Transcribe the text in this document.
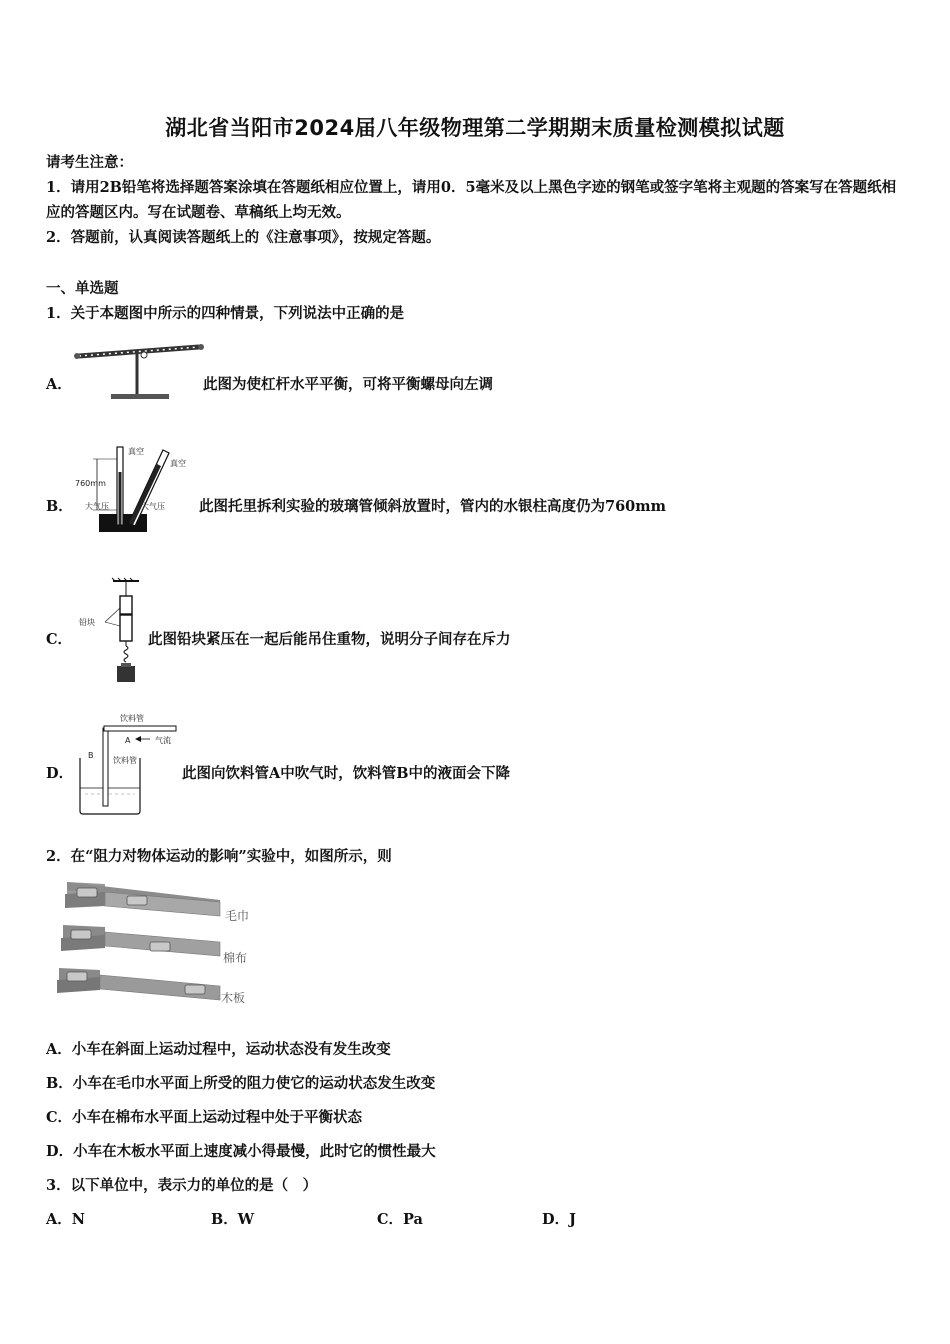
湖北省当阳市2024届八年级物理第二学期期末质量检测模拟试题
请考生注意：
1．请用2B铅笔将选择题答案涂填在答题纸相应位置上，请用0．5毫米及以上黑色字迹的钢笔或签字笔将主观题的答案写在答题纸相应的答题区内。写在试题卷、草稿纸上均无效。
2．答题前，认真阅读答题纸上的《注意事项》，按规定答题。
一、单选题
1．关于本题图中所示的四种情景，下列说法中正确的是
A．	此图为使杠杆水平平衡，可将平衡螺母向左调
B．
真空
真空
760mm
大气压	大气压 此图托里拆利实验的玻璃管倾斜放置时，管内的水银柱高度仍为760mm
C．
铅块
此图铅块紧压在一起后能吊住重物，说明分子间存在斥力
D．
饮料管
A	气流
B
饮料管
此图向饮料管A中吹气时，饮料管B中的液面会下降
2．在“阻力对物体运动的影响”实验中，如图所示，则
毛巾
棉布
木板
A．小车在斜面上运动过程中，运动状态没有发生改变
B．小车在毛巾水平面上所受的阻力使它的运动状态发生改变
C．小车在棉布水平面上运动过程中处于平衡状态
D．小车在木板水平面上速度减小得最慢，此时它的惯性最大
3．以下单位中，表示力的单位的是（　）
A．N	B．W	C．Pa	D．J
